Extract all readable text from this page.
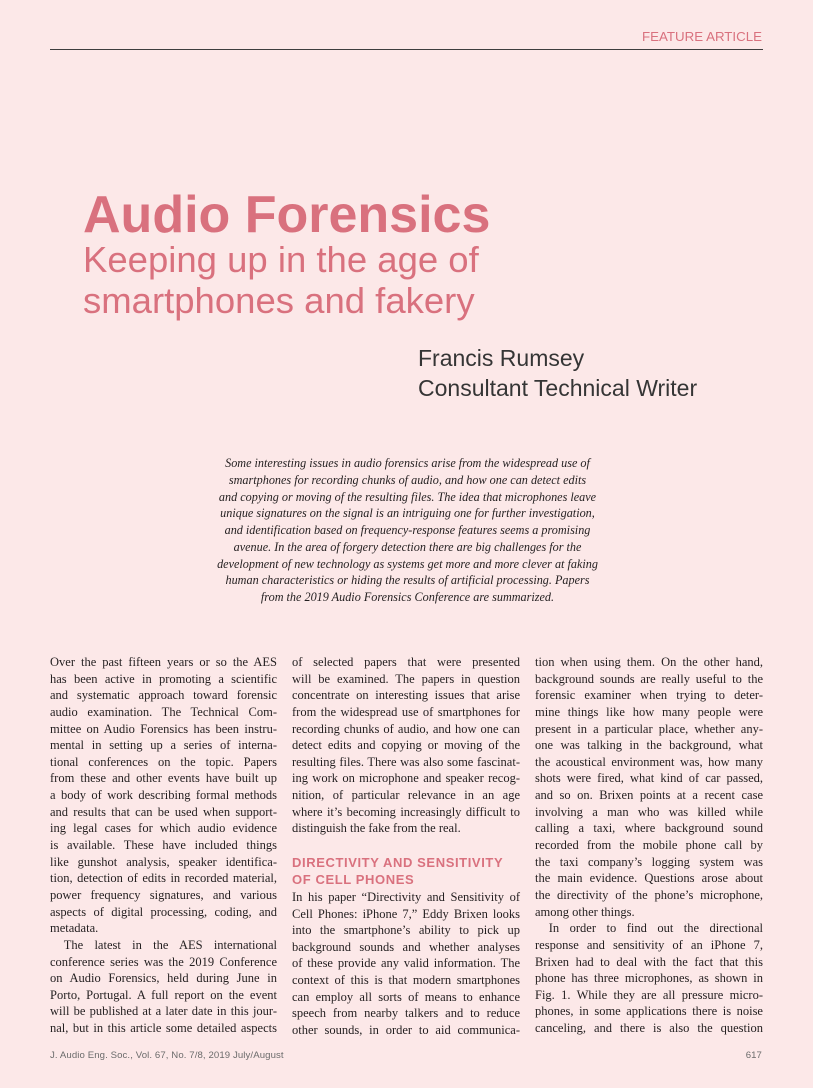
FEATURE ARTICLE
Audio Forensics
Keeping up in the age of
smartphones and fakery
Francis Rumsey
Consultant Technical Writer
Some interesting issues in audio forensics arise from the widespread use of
smartphones for recording chunks of audio, and how one can detect edits
and copying or moving of the resulting files. The idea that microphones leave
unique signatures on the signal is an intriguing one for further investigation,
and identification based on frequency-response features seems a promising
avenue. In the area of forgery detection there are big challenges for the
development of new technology as systems get more and more clever at faking
human characteristics or hiding the results of artificial processing. Papers
from the 2019 Audio Forensics Conference are summarized.
Over the past fifteen years or so the AES
has been active in promoting a scientific
and systematic approach toward forensic
audio examination. The Technical Com-
mittee on Audio Forensics has been instru-
mental in setting up a series of interna-
tional conferences on the topic. Papers
from these and other events have built up
a body of work describing formal methods
and results that can be used when support-
ing legal cases for which audio evidence
is available. These have included things
like gunshot analysis, speaker identifica-
tion, detection of edits in recorded material,
power frequency signatures, and various
aspects of digital processing, coding, and
metadata.
The latest in the AES international
conference series was the 2019 Conference
on Audio Forensics, held during June in
Porto, Portugal. A full report on the event
will be published at a later date in this jour-
nal, but in this article some detailed aspects
of selected papers that were presented
will be examined. The papers in question
concentrate on interesting issues that arise
from the widespread use of smartphones for
recording chunks of audio, and how one can
detect edits and copying or moving of the
resulting files. There was also some fascinat-
ing work on microphone and speaker recog-
nition, of particular relevance in an age
where it’s becoming increasingly difficult to
distinguish the fake from the real.
DIRECTIVITY AND SENSITIVITY
OF CELL PHONES
In his paper “Directivity and Sensitivity of
Cell Phones: iPhone 7,” Eddy Brixen looks
into the smartphone’s ability to pick up
background sounds and whether analyses
of these provide any valid information. The
context of this is that modern smartphones
can employ all sorts of means to enhance
speech from nearby talkers and to reduce
other sounds, in order to aid communica-
tion when using them. On the other hand,
background sounds are really useful to the
forensic examiner when trying to deter-
mine things like how many people were
present in a particular place, whether any-
one was talking in the background, what
the acoustical environment was, how many
shots were fired, what kind of car passed,
and so on. Brixen points at a recent case
involving a man who was killed while
calling a taxi, where background sound
recorded from the mobile phone call by
the taxi company’s logging system was
the main evidence. Questions arose about
the directivity of the phone’s microphone,
among other things.
In order to find out the directional
response and sensitivity of an iPhone 7,
Brixen had to deal with the fact that this
phone has three microphones, as shown in
Fig. 1. While they are all pressure micro-
phones, in some applications there is noise
canceling, and there is also the question
J. Audio Eng. Soc., Vol. 67, No. 7/8, 2019 July/August	617
